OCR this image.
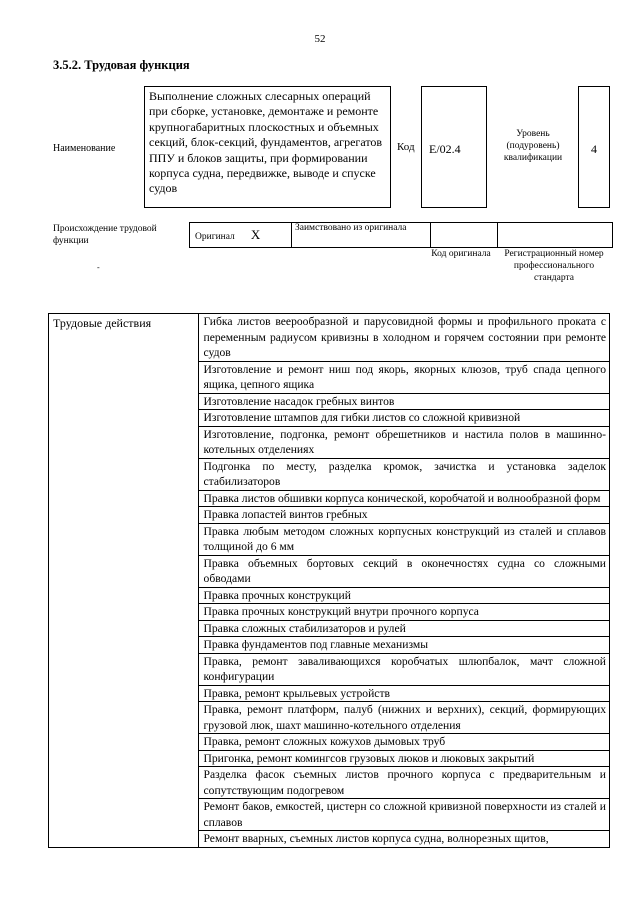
52
3.5.2. Трудовая функция
Наименование
Выполнение сложных слесарных операций при сборке, установке, демонтаже и ремонте крупногабаритных плоскостных и объемных секций, блок-секций, фундаментов, агрегатов ППУ и блоков защиты, при формировании корпуса судна, передвижке, выводе и спуске судов
Код E/02.4
Уровень (подуровень) квалификации
4
Происхождение трудовой функции	Оригинал X	Заимствовано из оригинала		
Код оригинала	Регистрационный номер профессионального стандарта
-
Трудовые действия	Гибка листов веерообразной и парусовидной формы и профильного проката с переменным радиусом кривизны в холодном и горячем состоянии при ремонте судов
Изготовление и ремонт ниш под якорь, якорных клюзов, труб спада цепного ящика, цепного ящика
Изготовление насадок гребных винтов
Изготовление штампов для гибки листов со сложной кривизной
Изготовление, подгонка, ремонт обрешетников и настила полов в машинно-котельных отделениях
Подгонка по месту, разделка кромок, зачистка и установка заделок стабилизаторов
Правка листов обшивки корпуса конической, коробчатой и волнообразной форм
Правка лопастей винтов гребных
Правка любым методом сложных корпусных конструкций из сталей и сплавов толщиной до 6 мм
Правка объемных бортовых секций в оконечностях судна со сложными обводами
Правка прочных конструкций
Правка прочных конструкций внутри прочного корпуса
Правка сложных стабилизаторов и рулей
Правка фундаментов под главные механизмы
Правка, ремонт заваливающихся коробчатых шлюпбалок, мачт сложной конфигурации
Правка, ремонт крыльевых устройств
Правка, ремонт платформ, палуб (нижних и верхних), секций, формирующих грузовой люк, шахт машинно-котельного отделения
Правка, ремонт сложных кожухов дымовых труб
Пригонка, ремонт комингсов грузовых люков и люковых закрытий
Разделка фасок съемных листов прочного корпуса с предварительным и сопутствующим подогревом
Ремонт баков, емкостей, цистерн со сложной кривизной поверхности из сталей и сплавов
Ремонт вварных, съемных листов корпуса судна, волнорезных щитов,
